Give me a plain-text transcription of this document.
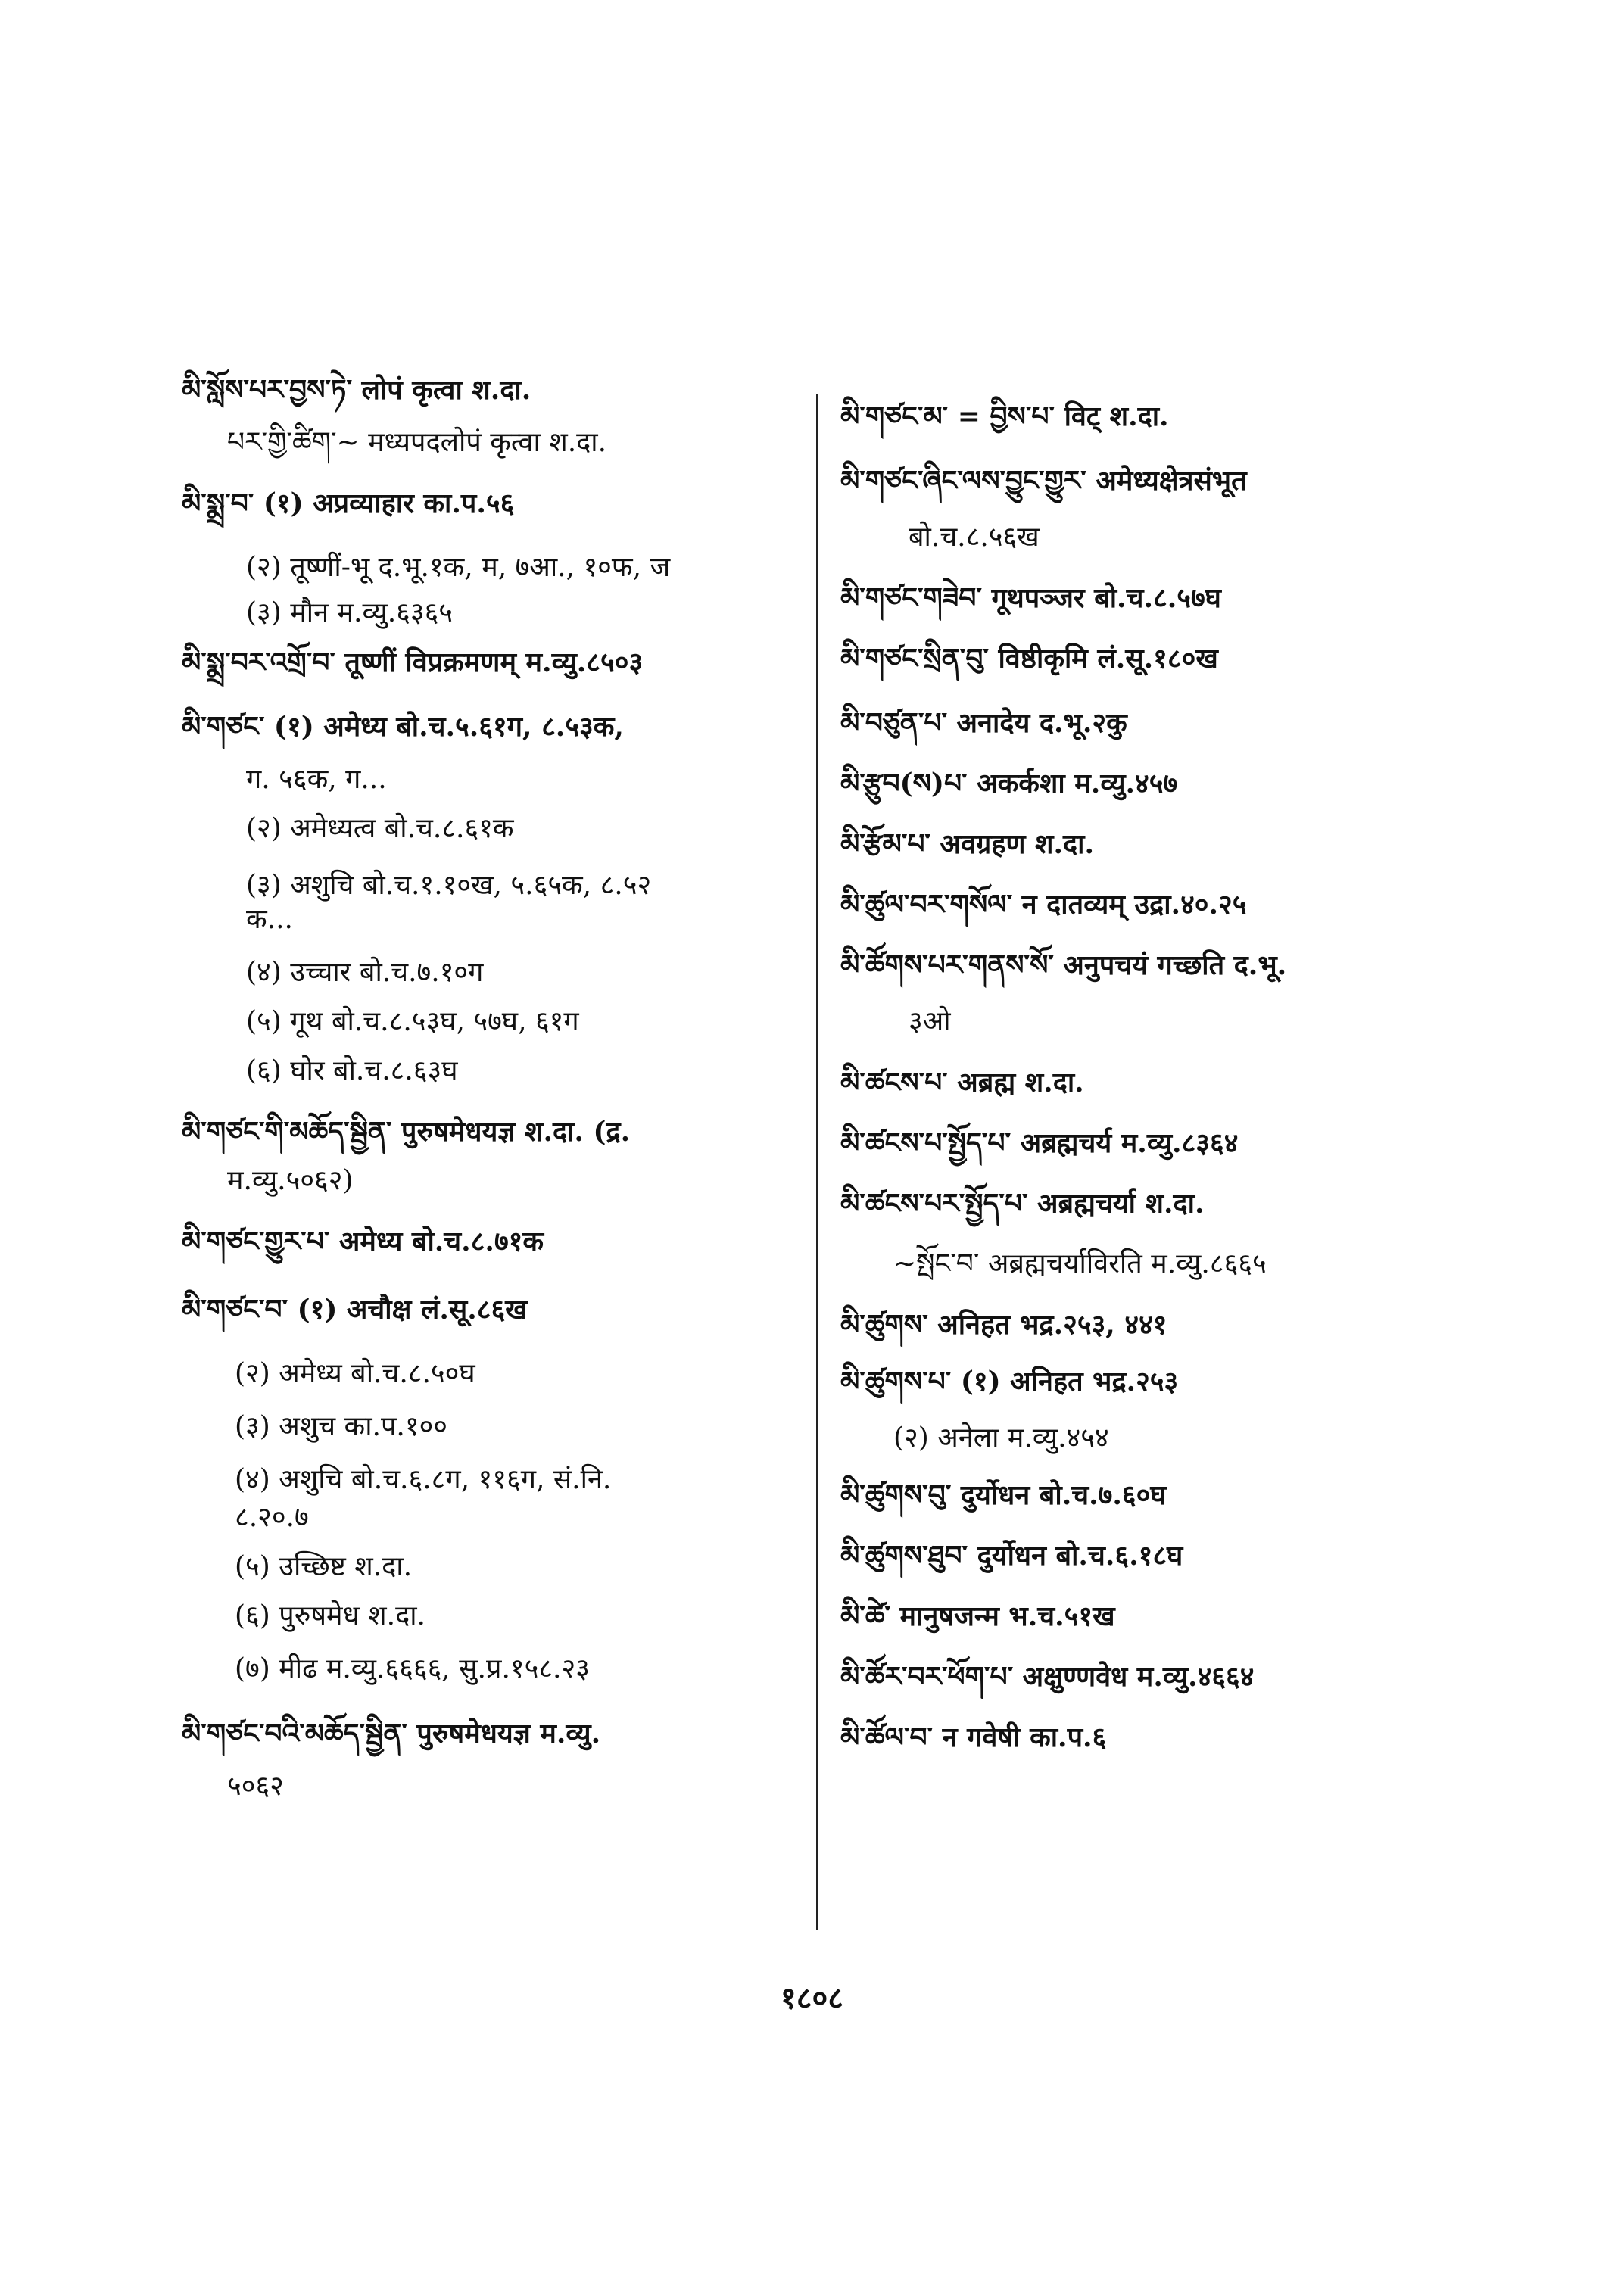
མི་སློས་པར་བྱས་ཏེ་ लोपं कृत्वा श.दा.
པར་གྱི་ཚིག་~ मध्यपदलोपं कृत्वा श.दा.
མི་སྨྲ་བ་ (१) अप्रव्याहार का.प.५६
(२) तूष्णीं-भू द.भू.१क, म, ७आ., १०फ, ज
(३) मौन म.व्यु.६३६५
མི་སྨྲ་བར་འགྲོ་བ་ तूष्णीं विप्रक्रमणम् म.व्यु.८५०३
མི་གཙང་ (१) अमेध्य बो.च.५.६१ग, ८.५३क,
ग. ५६क, ग...
(२) अमेध्यत्व बो.च.८.६१क
(३) अशुचि बो.च.१.१०ख, ५.६५क, ८.५२
क...
(४) उच्चार बो.च.७.१०ग
(५) गूथ बो.च.८.५३घ, ५७घ, ६१ग
(६) घोर बो.च.८.६३घ
མི་གཙང་གི་མཆོད་སྦྱིན་ पुरुषमेधयज्ञ श.दा. (द्र.
म.व्यु.५०६२)
མི་གཙང་གྱུར་པ་ अमेध्य बो.च.८.७१क
མི་གཙང་བ་ (१) अचौक्ष लं.सू.८६ख
(२) अमेध्य बो.च.८.५०घ
(३) अशुच का.प.१००
(४) अशुचि बो.च.६.८ग, ११६ग, सं.नि.
८.२०.७
(५) उच्छिष्ट श.दा.
(६) पुरुषमेध श.दा.
(७) मीढ म.व्यु.६६६६, सु.प्र.१५८.२३
མི་གཙང་བའི་མཆོད་སྦྱིན་ पुरुषमेधयज्ञ म.व्यु.
५०६२
མི་གཙང་མ་ = བྱིས་པ་ विट् श.दा.
མི་གཙང་ཞིང་ལས་བྱུང་གྱུར་ अमेध्यक्षेत्रसंभूत
बो.च.८.५६ख
མི་གཙང་གཟེབ་ गूथपञ्जर बो.च.८.५७घ
མི་གཙང་སྲིན་བུ་ विष्ठीकृमि लं.सू.१८०ख
མི་བཙུན་པ་ अनादेय द.भू.२कु
མི་རྩུབ(ས)པ་ अकर्कशा म.व्यु.४५७
མི་རྩོམ་པ་ अवग्रहण श.दा.
མི་ཚུལ་བར་གསོལ་ न दातव्यम् उद्रा.४०.२५
མི་ཚོགས་པར་གནས་སོ་ अनुपचयं गच्छति द.भू.
३ओ
མི་ཚངས་པ་ अब्रह्म श.दा.
མི་ཚངས་པ་སྤྱོད་པ་ अब्रह्मचर्य म.व्यु.८३६४
མི་ཚངས་པར་སྤྱོད་པ་ अब्रह्मचर्या श.दा.
~སྤོང་བ་ अब्रह्मचर्याविरति म.व्यु.८६६५
མི་ཚུགས་ अनिहत भद्र.२५३, ४४१
མི་ཚུགས་པ་ (१) अनिहत भद्र.२५३
(२) अनेला म.व्यु.४५४
མི་ཚུགས་བུ་ दुर्योधन बो.च.७.६०घ
མི་ཚུགས་ཐུབ་ दुर्योधन बो.च.६.१८घ
མི་ཚེ་ मानुषजन्म भ.च.५१ख
མི་ཚོར་བར་ཕོག་པ་ अक्षुण्णवेध म.व्यु.४६६४
མི་ཚོལ་བ་ न गवेषी का.प.६
१८०८
